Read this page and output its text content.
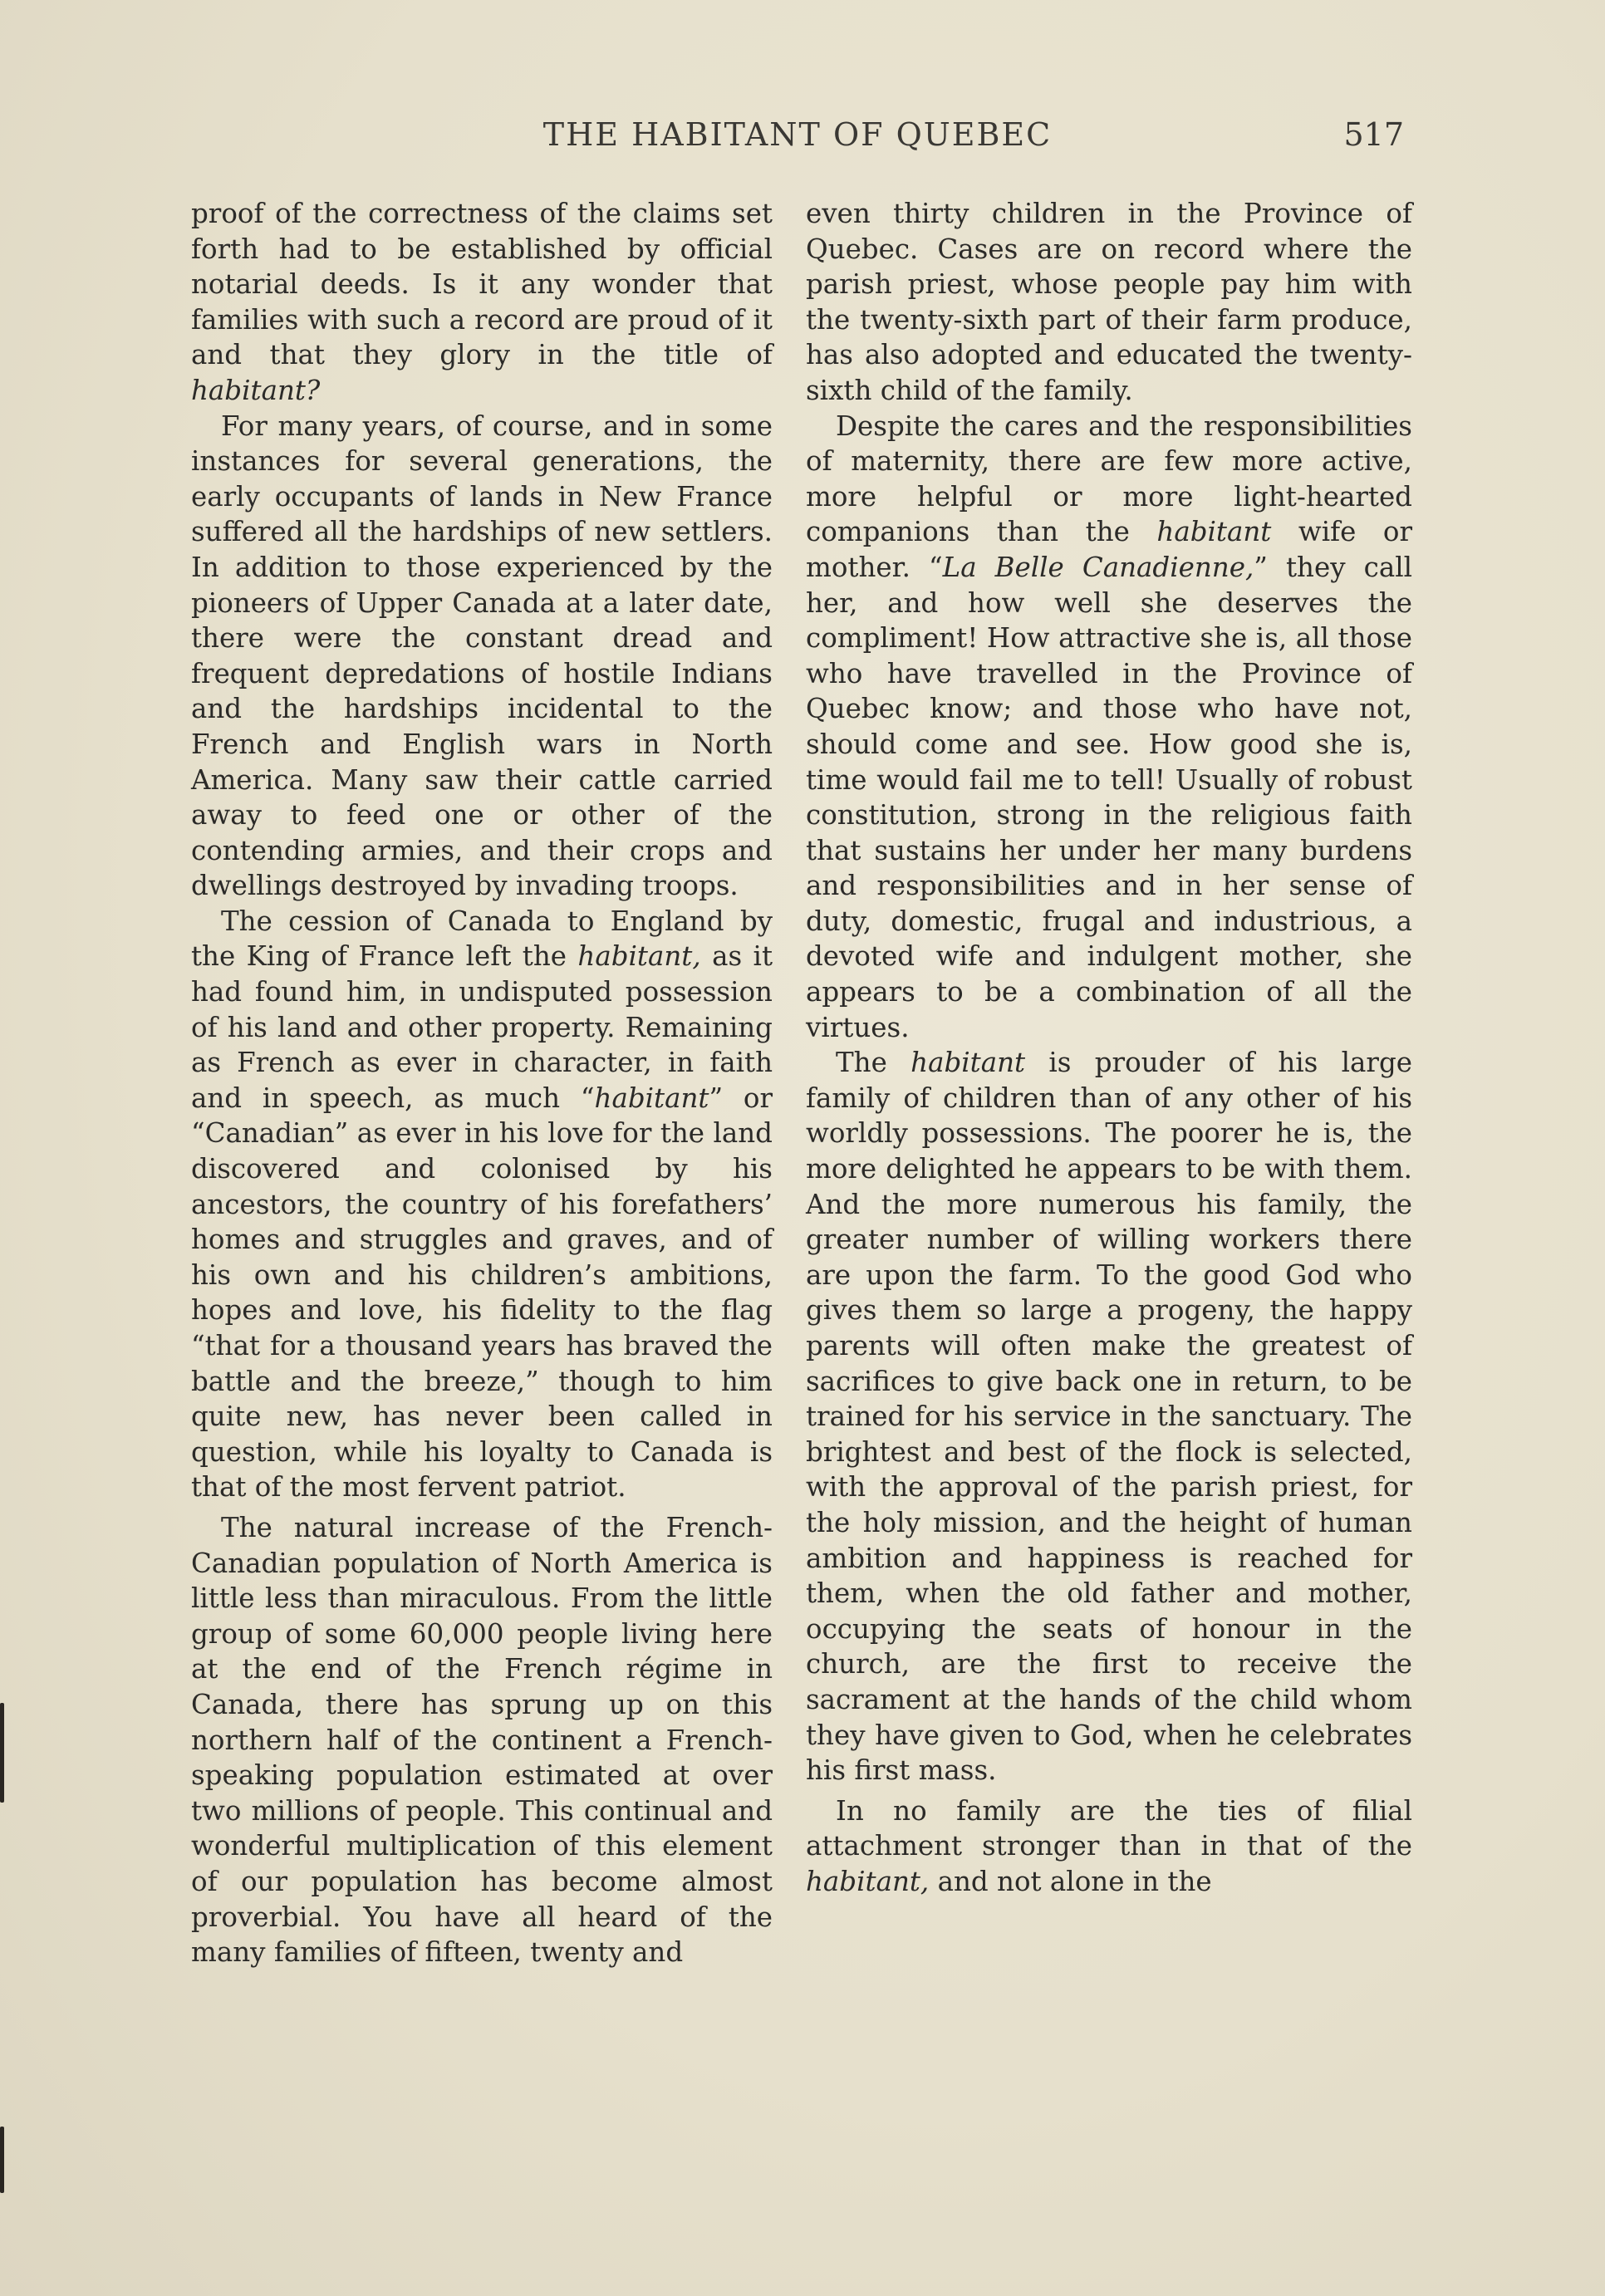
THE HABITANT OF QUEBEC	517

proof of the correctness of the claims set forth had to be established by official notarial deeds. Is it any wonder that families with such a record are proud of it and that they glory in the title of habitant?

For many years, of course, and in some instances for several generations, the early occupants of lands in New France suffered all the hardships of new settlers. In addition to those experienced by the pioneers of Upper Canada at a later date, there were the constant dread and frequent depredations of hostile Indians and the hardships incidental to the French and English wars in North America. Many saw their cattle carried away to feed one or other of the contending armies, and their crops and dwellings destroyed by invading troops.

The cession of Canada to England by the King of France left the habitant, as it had found him, in undisputed possession of his land and other property. Remaining as French as ever in character, in faith and in speech, as much “habitant” or “Canadian” as ever in his love for the land discovered and colonised by his ancestors, the country of his forefathers’ homes and struggles and graves, and of his own and his children’s ambitions, hopes and love, his fidelity to the flag “that for a thousand years has braved the battle and the breeze,” though to him quite new, has never been called in question, while his loyalty to Canada is that of the most fervent patriot.

The natural increase of the French-Canadian population of North America is little less than miraculous. From the little group of some 60,000 people living here at the end of the French régime in Canada, there has sprung up on this northern half of the continent a French-speaking population estimated at over two millions of people. This continual and wonderful multiplication of this element of our population has become almost proverbial. You have all heard of the many families of fifteen, twenty and

even thirty children in the Province of Quebec. Cases are on record where the parish priest, whose people pay him with the twenty-sixth part of their farm produce, has also adopted and educated the twenty-sixth child of the family.

Despite the cares and the responsibilities of maternity, there are few more active, more helpful or more light-hearted companions than the habitant wife or mother. “La Belle Canadienne,” they call her, and how well she deserves the compliment! How attractive she is, all those who have travelled in the Province of Quebec know; and those who have not, should come and see. How good she is, time would fail me to tell! Usually of robust constitution, strong in the religious faith that sustains her under her many burdens and responsibilities and in her sense of duty, domestic, frugal and industrious, a devoted wife and indulgent mother, she appears to be a combination of all the virtues.

The habitant is prouder of his large family of children than of any other of his worldly possessions. The poorer he is, the more delighted he appears to be with them. And the more numerous his family, the greater number of willing workers there are upon the farm. To the good God who gives them so large a progeny, the happy parents will often make the greatest of sacrifices to give back one in return, to be trained for his service in the sanctuary. The brightest and best of the flock is selected, with the approval of the parish priest, for the holy mission, and the height of human ambition and happiness is reached for them, when the old father and mother, occupying the seats of honour in the church, are the first to receive the sacrament at the hands of the child whom they have given to God, when he celebrates his first mass.

In no family are the ties of filial attachment stronger than in that of the habitant, and not alone in the
